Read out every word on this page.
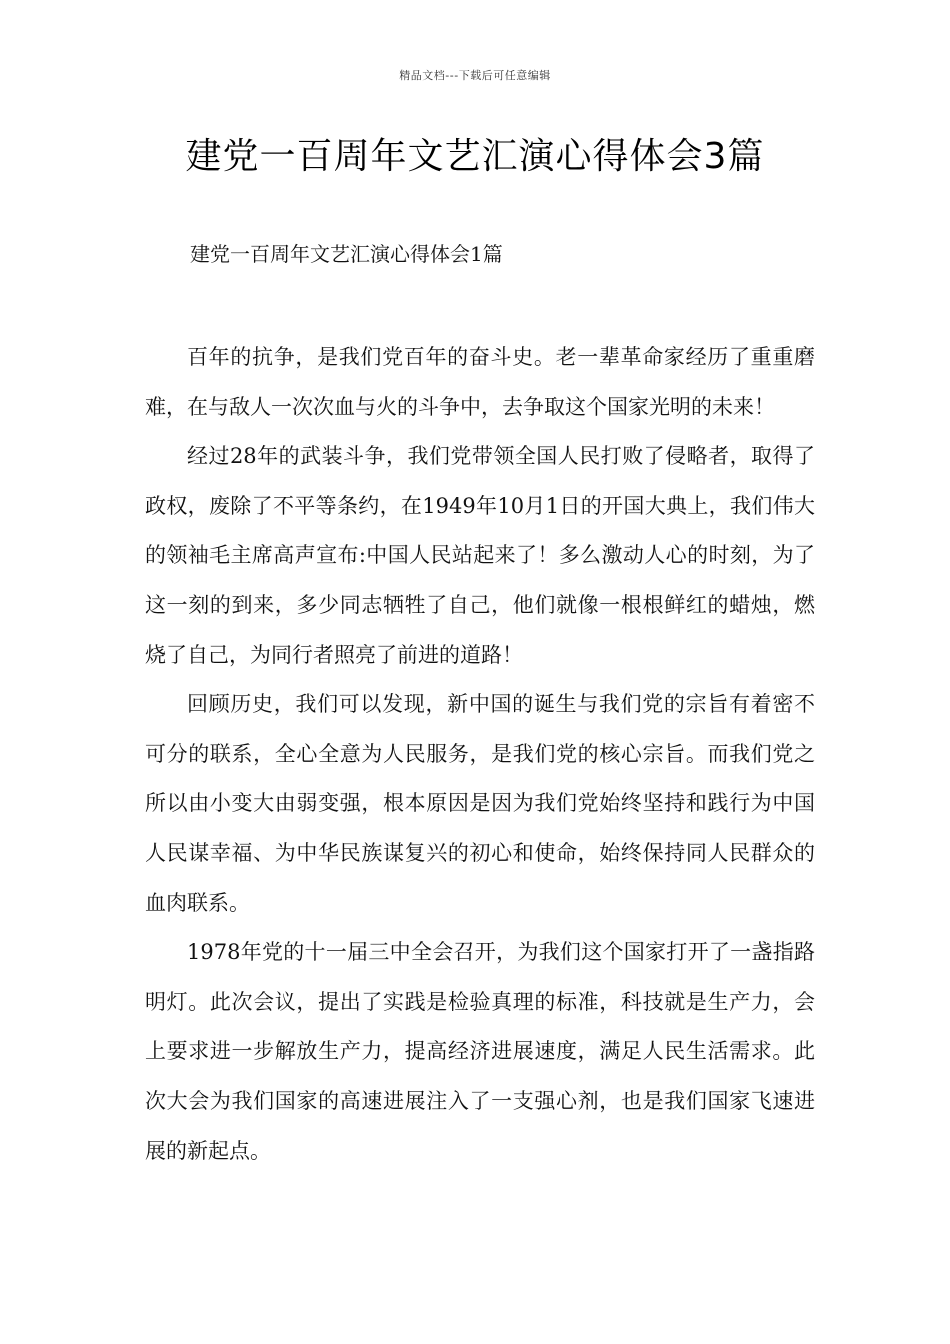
精品文档---下载后可任意编辑
建党一百周年文艺汇演心得体会3篇
建党一百周年文艺汇演心得体会1篇

百年的抗争，是我们党百年的奋斗史。老一辈革命家经历了重重磨难，在与敌人一次次血与火的斗争中，去争取这个国家光明的未来！

经过28年的武装斗争，我们党带领全国人民打败了侵略者，取得了政权，废除了不平等条约，在1949年10月1日的开国大典上，我们伟大的领袖毛主席高声宣布:中国人民站起来了！多么激动人心的时刻，为了这一刻的到来，多少同志牺牲了自己，他们就像一根根鲜红的蜡烛，燃烧了自己，为同行者照亮了前进的道路！

回顾历史，我们可以发现，新中国的诞生与我们党的宗旨有着密不可分的联系，全心全意为人民服务，是我们党的核心宗旨。而我们党之所以由小变大由弱变强，根本原因是因为我们党始终坚持和践行为中国人民谋幸福、为中华民族谋复兴的初心和使命，始终保持同人民群众的血肉联系。

1978年党的十一届三中全会召开，为我们这个国家打开了一盏指路明灯。此次会议，提出了实践是检验真理的标准，科技就是生产力，会上要求进一步解放生产力，提高经济进展速度，满足人民生活需求。此次大会为我们国家的高速进展注入了一支强心剂，也是我们国家飞速进展的新起点。
